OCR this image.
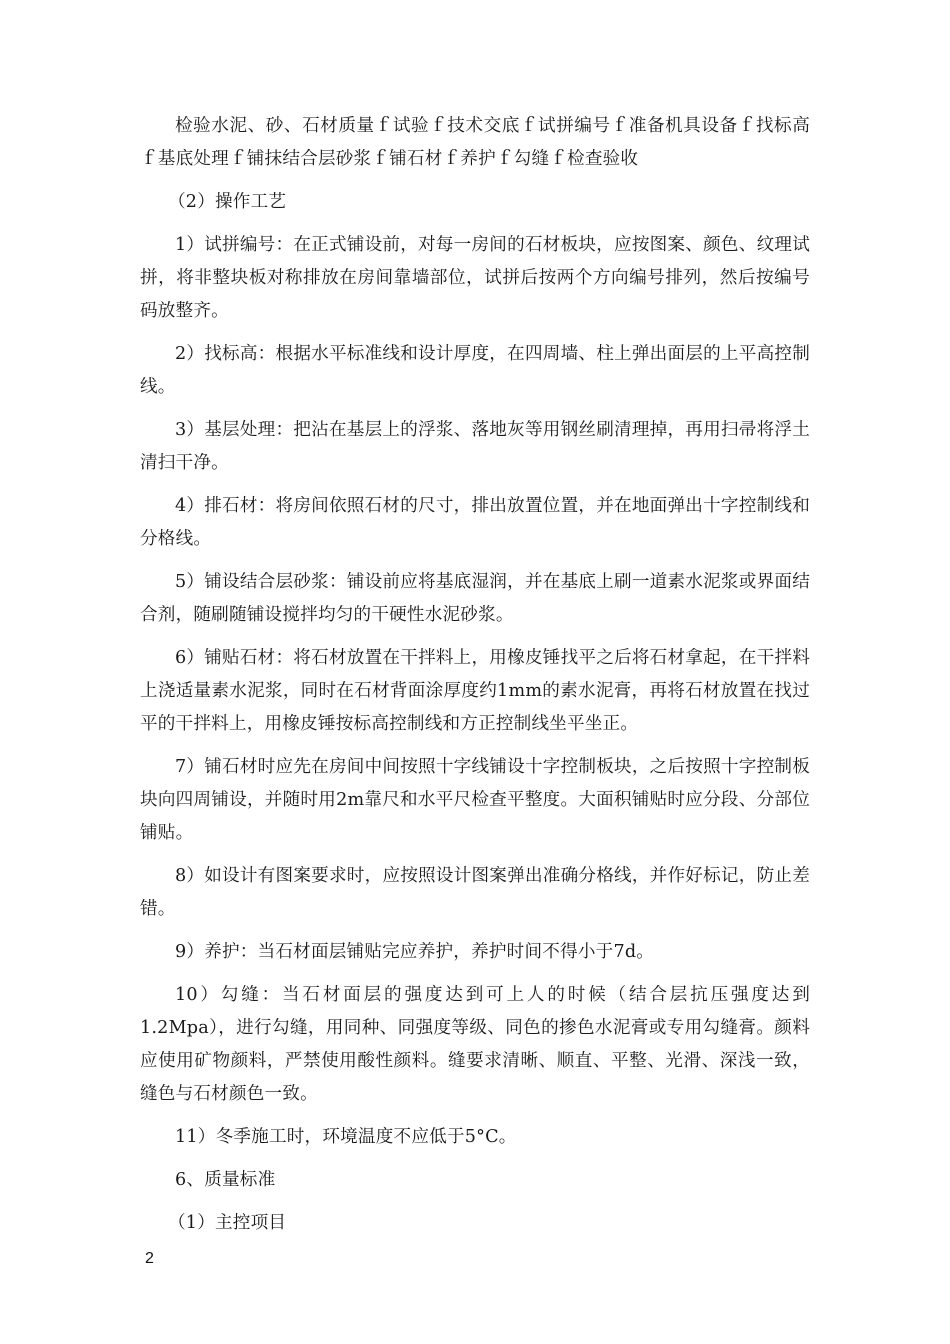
检验水泥、砂、石材质量ｆ试验ｆ技术交底ｆ试拼编号ｆ准备机具设备ｆ找标高ｆ基底处理ｆ铺抹结合层砂浆ｆ铺石材ｆ养护ｆ勾缝ｆ检查验收

（2）操作工艺

1）试拼编号：在正式铺设前，对每一房间的石材板块，应按图案、颜色、纹理试拼，将非整块板对称排放在房间靠墙部位，试拼后按两个方向编号排列，然后按编号码放整齐。

2）找标高：根据水平标准线和设计厚度，在四周墙、柱上弹出面层的上平高控制线。

3）基层处理：把沾在基层上的浮浆、落地灰等用钢丝刷清理掉，再用扫帚将浮土清扫干净。

4）排石材：将房间依照石材的尺寸，排出放置位置，并在地面弹出十字控制线和分格线。

5）铺设结合层砂浆：铺设前应将基底湿润，并在基底上刷一道素水泥浆或界面结合剂，随刷随铺设搅拌均匀的干硬性水泥砂浆。

6）铺贴石材：将石材放置在干拌料上，用橡皮锤找平之后将石材拿起，在干拌料上浇适量素水泥浆，同时在石材背面涂厚度约1mm的素水泥膏，再将石材放置在找过平的干拌料上，用橡皮锤按标高控制线和方正控制线坐平坐正。

7）铺石材时应先在房间中间按照十字线铺设十字控制板块，之后按照十字控制板块向四周铺设，并随时用2m靠尺和水平尺检查平整度。大面积铺贴时应分段、分部位铺贴。

8）如设计有图案要求时，应按照设计图案弹出准确分格线，并作好标记，防止差错。

9）养护：当石材面层铺贴完应养护，养护时间不得小于7d。

10）勾缝：当石材面层的强度达到可上人的时候（结合层抗压强度达到1.2Mpa），进行勾缝，用同种、同强度等级、同色的掺色水泥膏或专用勾缝膏。颜料应使用矿物颜料，严禁使用酸性颜料。缝要求清晰、顺直、平整、光滑、深浅一致，缝色与石材颜色一致。

11）冬季施工时，环境温度不应低于5°C。

6、质量标准

（1）主控项目

2
